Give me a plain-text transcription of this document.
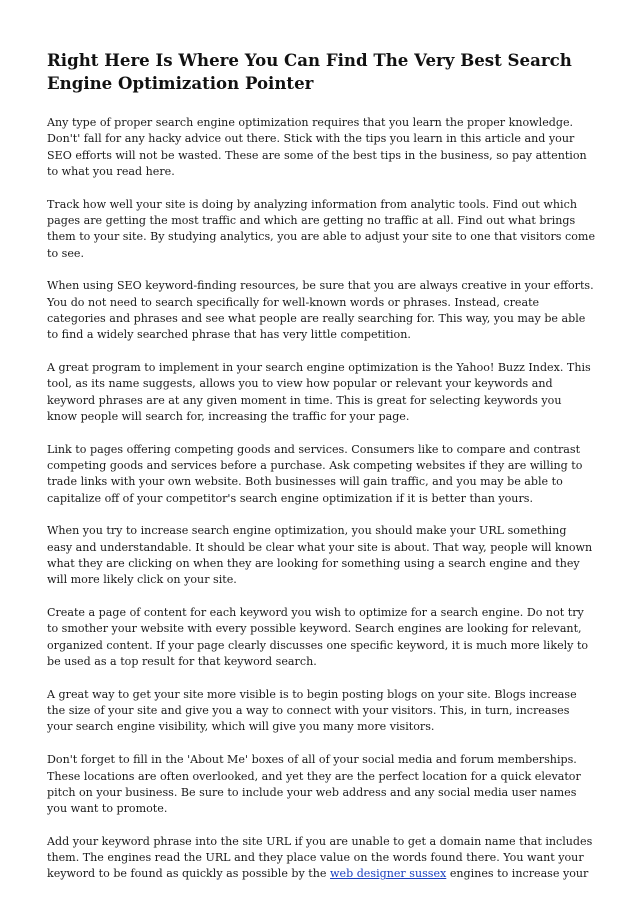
Right Here Is Where You Can Find The Very Best Search Engine Optimization Pointer

Any type of proper search engine optimization requires that you learn the proper knowledge. Don't' fall for any hacky advice out there. Stick with the tips you learn in this article and your SEO efforts will not be wasted. These are some of the best tips in the business, so pay attention to what you read here.

Track how well your site is doing by analyzing information from analytic tools. Find out which pages are getting the most traffic and which are getting no traffic at all. Find out what brings them to your site. By studying analytics, you are able to adjust your site to one that visitors come to see.

When using SEO keyword-finding resources, be sure that you are always creative in your efforts. You do not need to search specifically for well-known words or phrases. Instead, create categories and phrases and see what people are really searching for. This way, you may be able to find a widely searched phrase that has very little competition.

A great program to implement in your search engine optimization is the Yahoo! Buzz Index. This tool, as its name suggests, allows you to view how popular or relevant your keywords and keyword phrases are at any given moment in time. This is great for selecting keywords you know people will search for, increasing the traffic for your page.

Link to pages offering competing goods and services. Consumers like to compare and contrast competing goods and services before a purchase. Ask competing websites if they are willing to trade links with your own website. Both businesses will gain traffic, and you may be able to capitalize off of your competitor's search engine optimization if it is better than yours.

When you try to increase search engine optimization, you should make your URL something easy and understandable. It should be clear what your site is about. That way, people will known what they are clicking on when they are looking for something using a search engine and they will more likely click on your site.

Create a page of content for each keyword you wish to optimize for a search engine. Do not try to smother your website with every possible keyword. Search engines are looking for relevant, organized content. If your page clearly discusses one specific keyword, it is much more likely to be used as a top result for that keyword search.

A great way to get your site more visible is to begin posting blogs on your site. Blogs increase the size of your site and give you a way to connect with your visitors. This, in turn, increases your search engine visibility, which will give you many more visitors.

Don't forget to fill in the 'About Me' boxes of all of your social media and forum memberships. These locations are often overlooked, and yet they are the perfect location for a quick elevator pitch on your business. Be sure to include your web address and any social media user names you want to promote.

Add your keyword phrase into the site URL if you are unable to get a domain name that includes them. The engines read the URL and they place value on the words found there. You want your keyword to be found as quickly as possible by the web designer sussex engines to increase your
